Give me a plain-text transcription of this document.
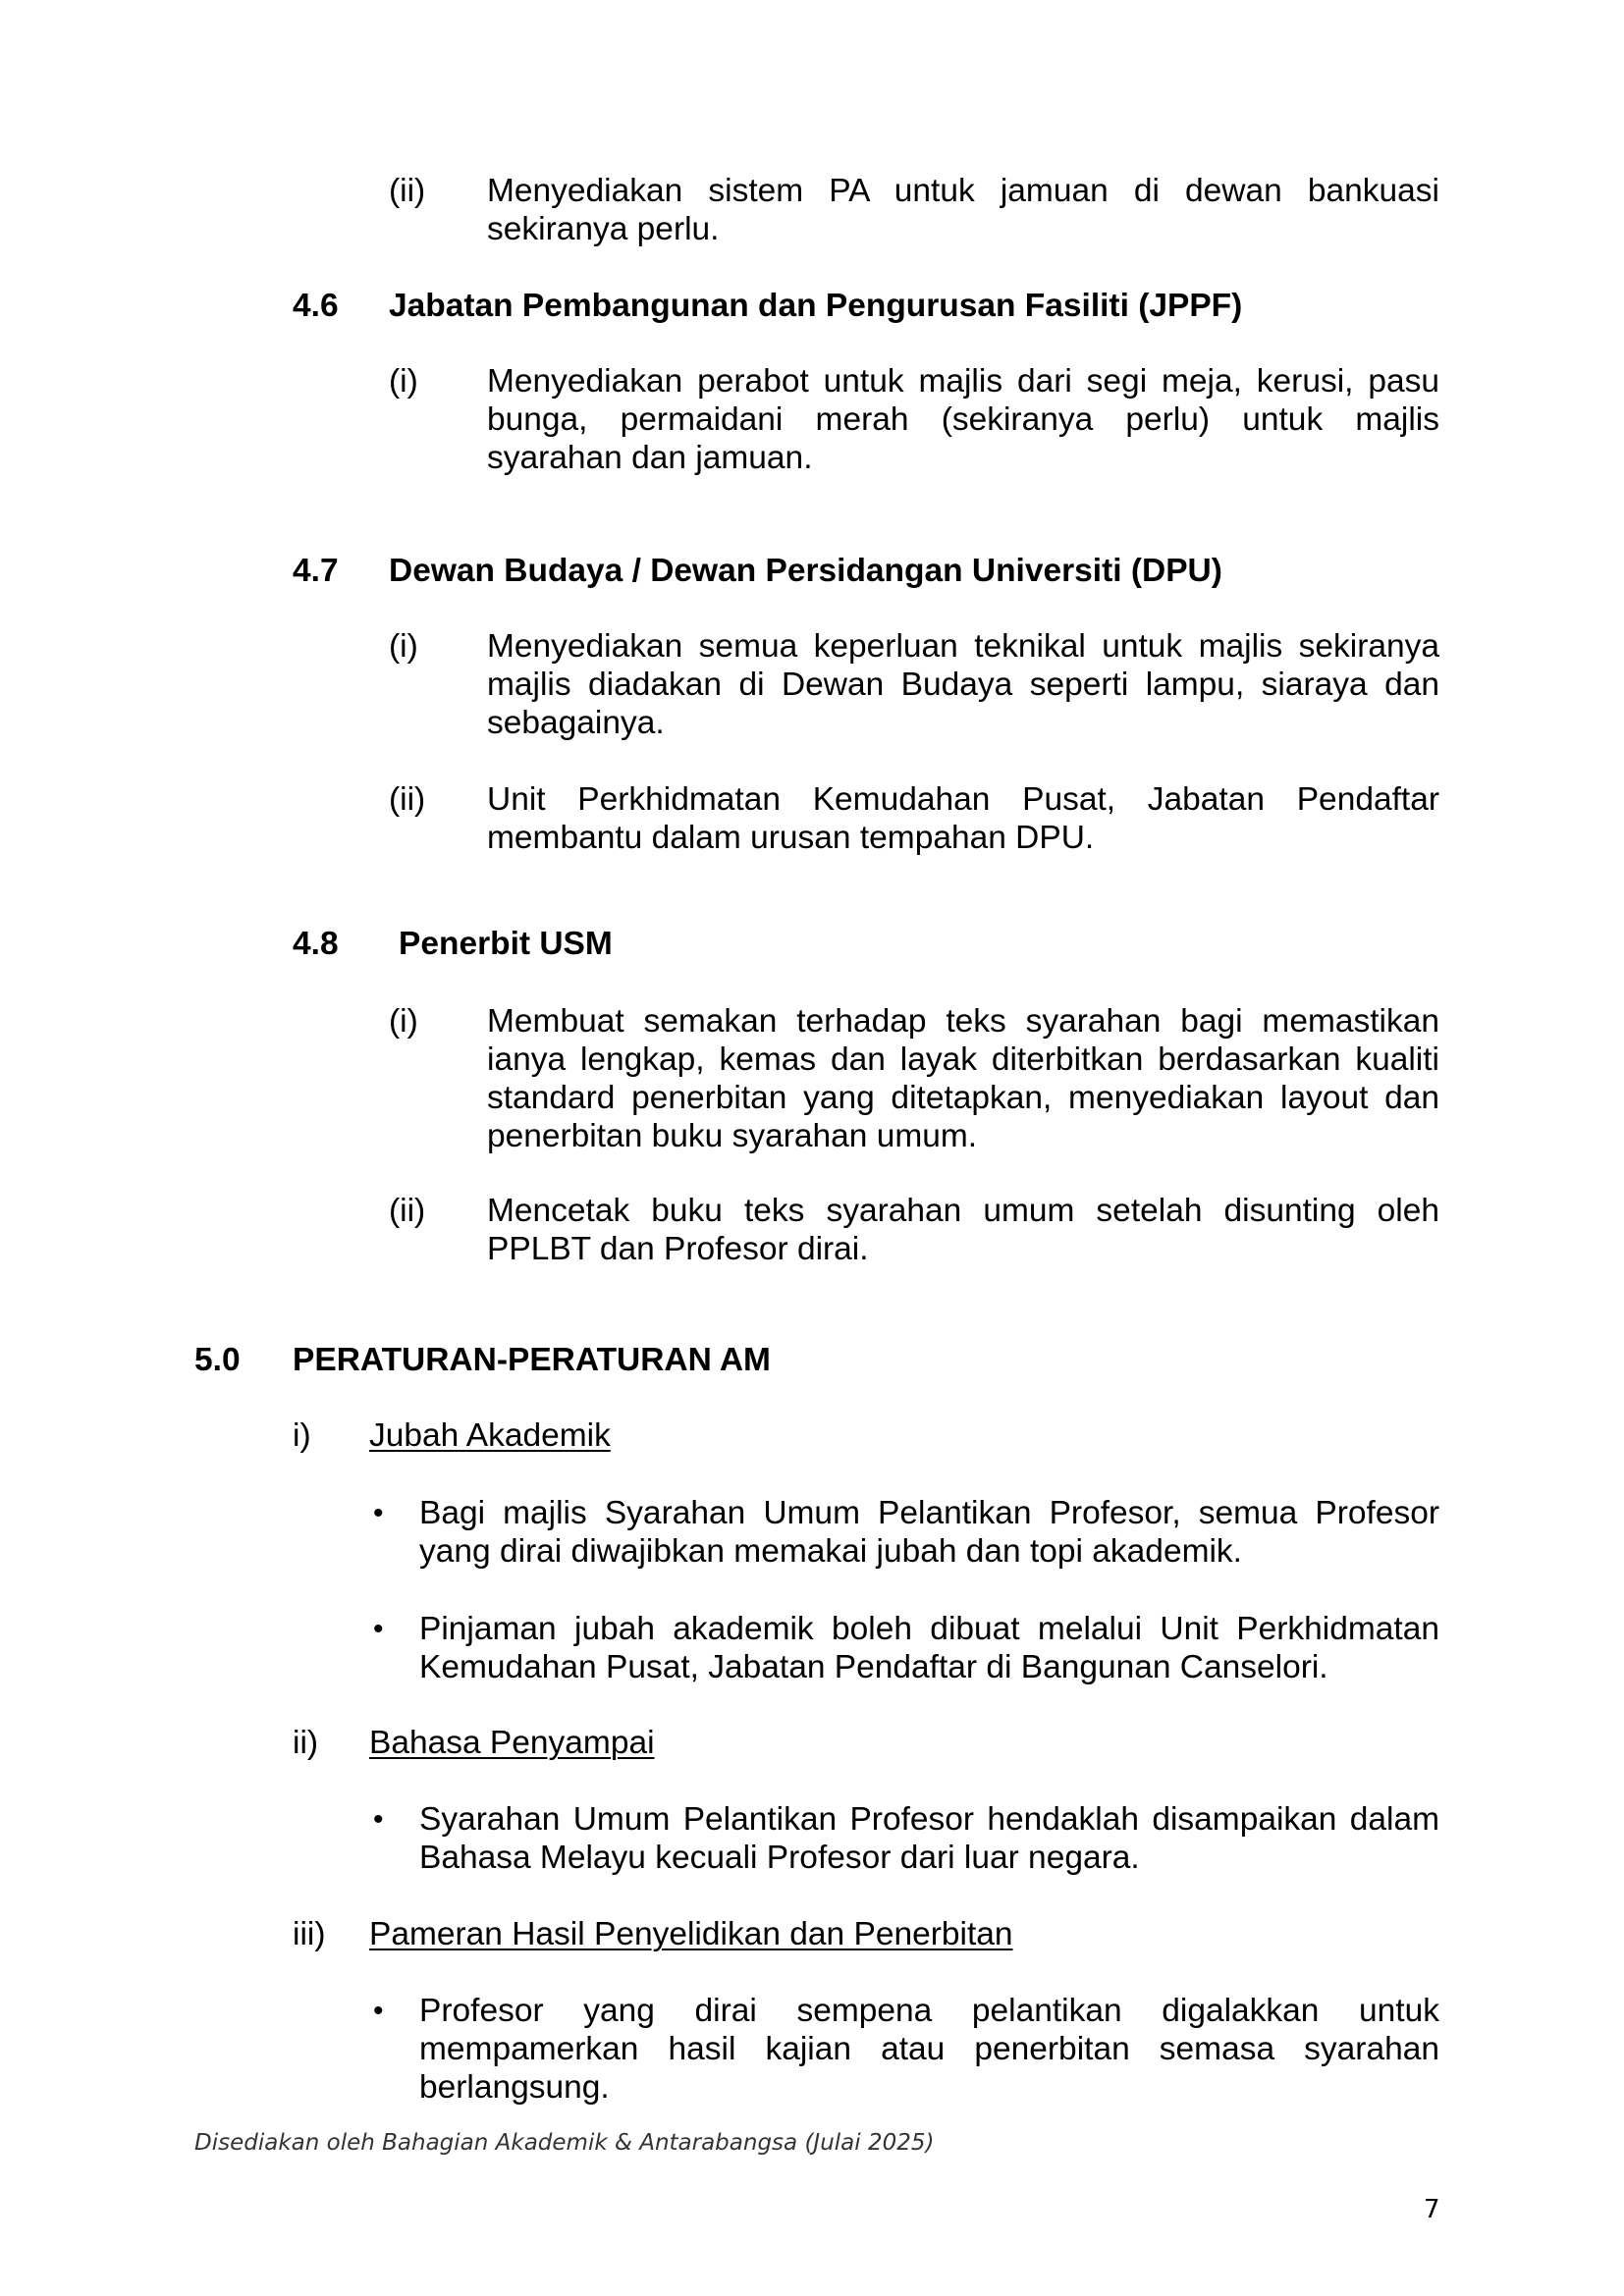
(ii) Menyediakan sistem PA untuk jamuan di dewan bankuasi sekiranya perlu.
4.6 Jabatan Pembangunan dan Pengurusan Fasiliti (JPPF)
(i) Menyediakan perabot untuk majlis dari segi meja, kerusi, pasu bunga, permaidani merah (sekiranya perlu) untuk majlis syarahan dan jamuan.
4.7 Dewan Budaya / Dewan Persidangan Universiti (DPU)
(i) Menyediakan semua keperluan teknikal untuk majlis sekiranya majlis diadakan di Dewan Budaya seperti lampu, siaraya dan sebagainya.
(ii) Unit Perkhidmatan Kemudahan Pusat, Jabatan Pendaftar membantu dalam urusan tempahan DPU.
4.8 Penerbit USM
(i) Membuat semakan terhadap teks syarahan bagi memastikan ianya lengkap, kemas dan layak diterbitkan berdasarkan kualiti standard penerbitan yang ditetapkan, menyediakan layout dan penerbitan buku syarahan umum.
(ii) Mencetak buku teks syarahan umum setelah disunting oleh PPLBT dan Profesor dirai.
5.0 PERATURAN-PERATURAN AM
i) Jubah Akademik
• Bagi majlis Syarahan Umum Pelantikan Profesor, semua Profesor yang dirai diwajibkan memakai jubah dan topi akademik.
• Pinjaman jubah akademik boleh dibuat melalui Unit Perkhidmatan Kemudahan Pusat, Jabatan Pendaftar di Bangunan Canselori.
ii) Bahasa Penyampai
• Syarahan Umum Pelantikan Profesor hendaklah disampaikan dalam Bahasa Melayu kecuali Profesor dari luar negara.
iii) Pameran Hasil Penyelidikan dan Penerbitan
• Profesor yang dirai sempena pelantikan digalakkan untuk mempamerkan hasil kajian atau penerbitan semasa syarahan berlangsung.
Disediakan oleh Bahagian Akademik & Antarabangsa (Julai 2025)
7
